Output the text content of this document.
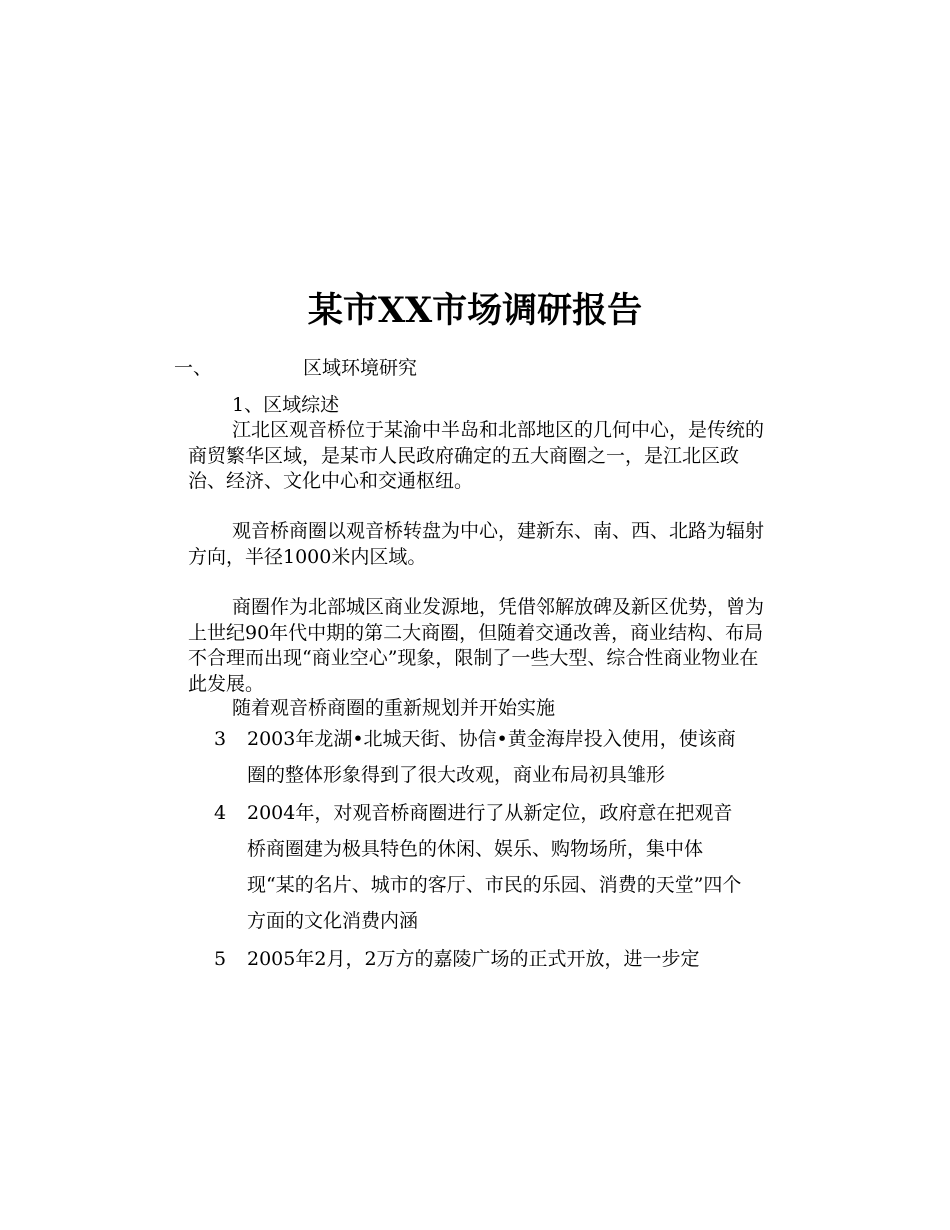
某市XX市场调研报告
一、	区域环境研究
1、区域综述
江北区观音桥位于某渝中半岛和北部地区的几何中心，是传统的商贸繁华区域，是某市人民政府确定的五大商圈之一，是江北区政治、经济、文化中心和交通枢纽。
观音桥商圈以观音桥转盘为中心，建新东、南、西、北路为辐射方向，半径1000米内区域。
商圈作为北部城区商业发源地，凭借邻解放碑及新区优势，曾为上世纪90年代中期的第二大商圈，但随着交通改善，商业结构、布局不合理而出现“商业空心”现象，限制了一些大型、综合性商业物业在此发展。
随着观音桥商圈的重新规划并开始实施
3 2003年龙湖•北城天街、协信•黄金海岸投入使用，使该商圈的整体形象得到了很大改观，商业布局初具雏形
4 2004年，对观音桥商圈进行了从新定位，政府意在把观音桥商圈建为极具特色的休闲、娱乐、购物场所，集中体现“某的名片、城市的客厅、市民的乐园、消费的天堂”四个方面的文化消费内涵
5 2005年2月，2万方的嘉陵广场的正式开放，进一步定
